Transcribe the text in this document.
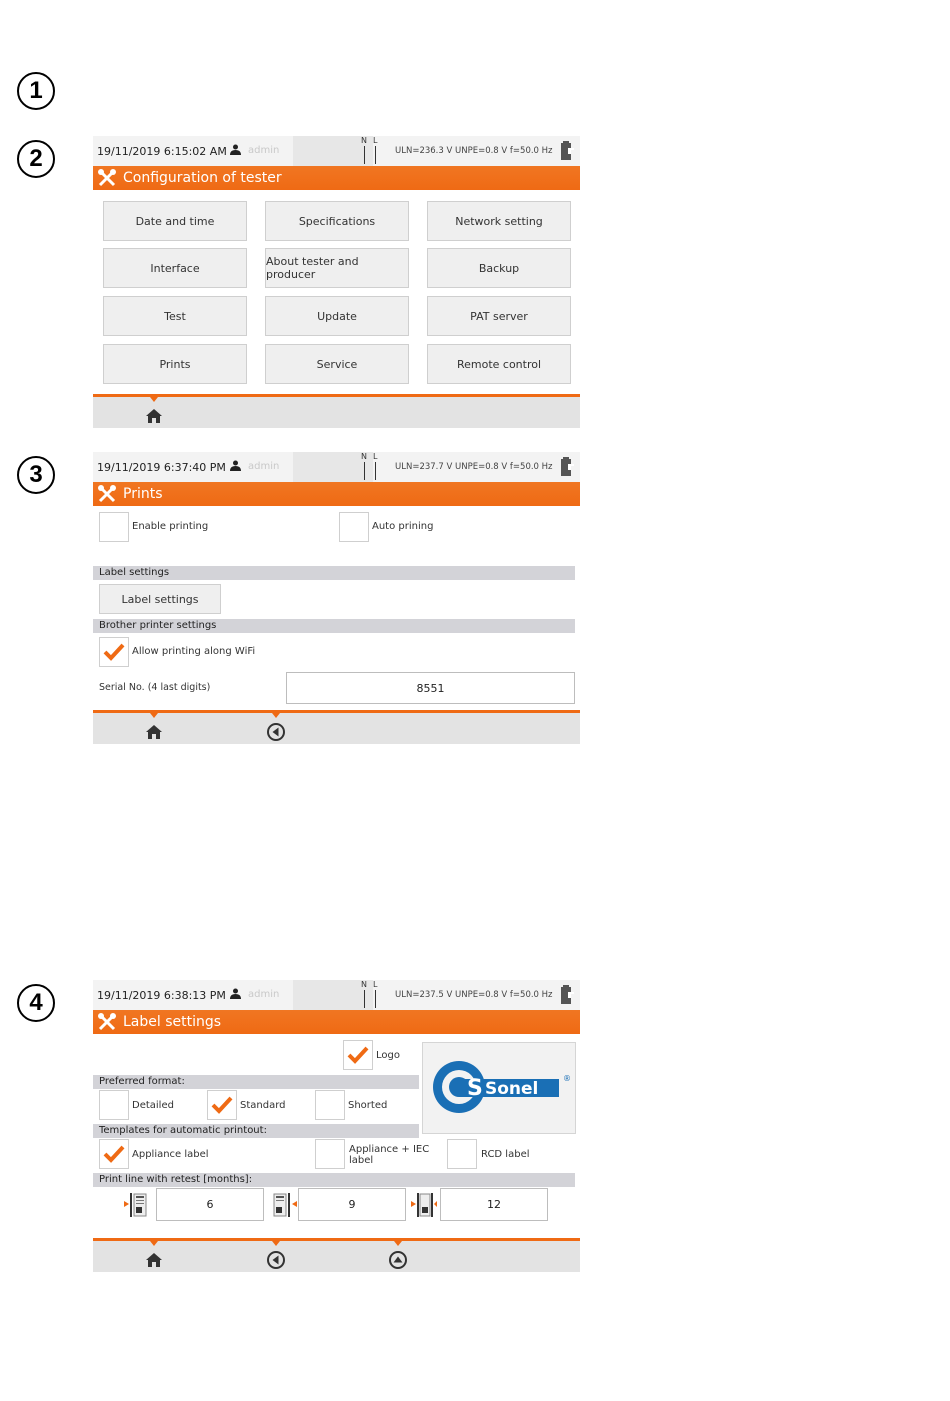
1
2
3
4
19/11/2019 6:15:02 AM admin
N L
ULN=236.3 V UNPE=0.8 V f=50.0 Hz
Configuration of tester
Date and time	Specifications	Network setting
Interface	About tester and producer	Backup
Test	Update	PAT server
Prints	Service	Remote control
19/11/2019 6:37:40 PM admin
N L
ULN=237.7 V UNPE=0.8 V f=50.0 Hz
Prints
Enable printing	Auto prining
Label settings
Label settings
Brother printer settings
Allow printing along WiFi
Serial No. (4 last digits)	8551
19/11/2019 6:38:13 PM admin
N L
ULN=237.5 V UNPE=0.8 V f=50.0 Hz
Label settings
Logo
S Sonel
®
Preferred format:
Detailed	Standard	Shorted
Templates for automatic printout:
Appliance label	Appliance + IEC label
RCD label
Print line with retest [months]:
6	9	12
